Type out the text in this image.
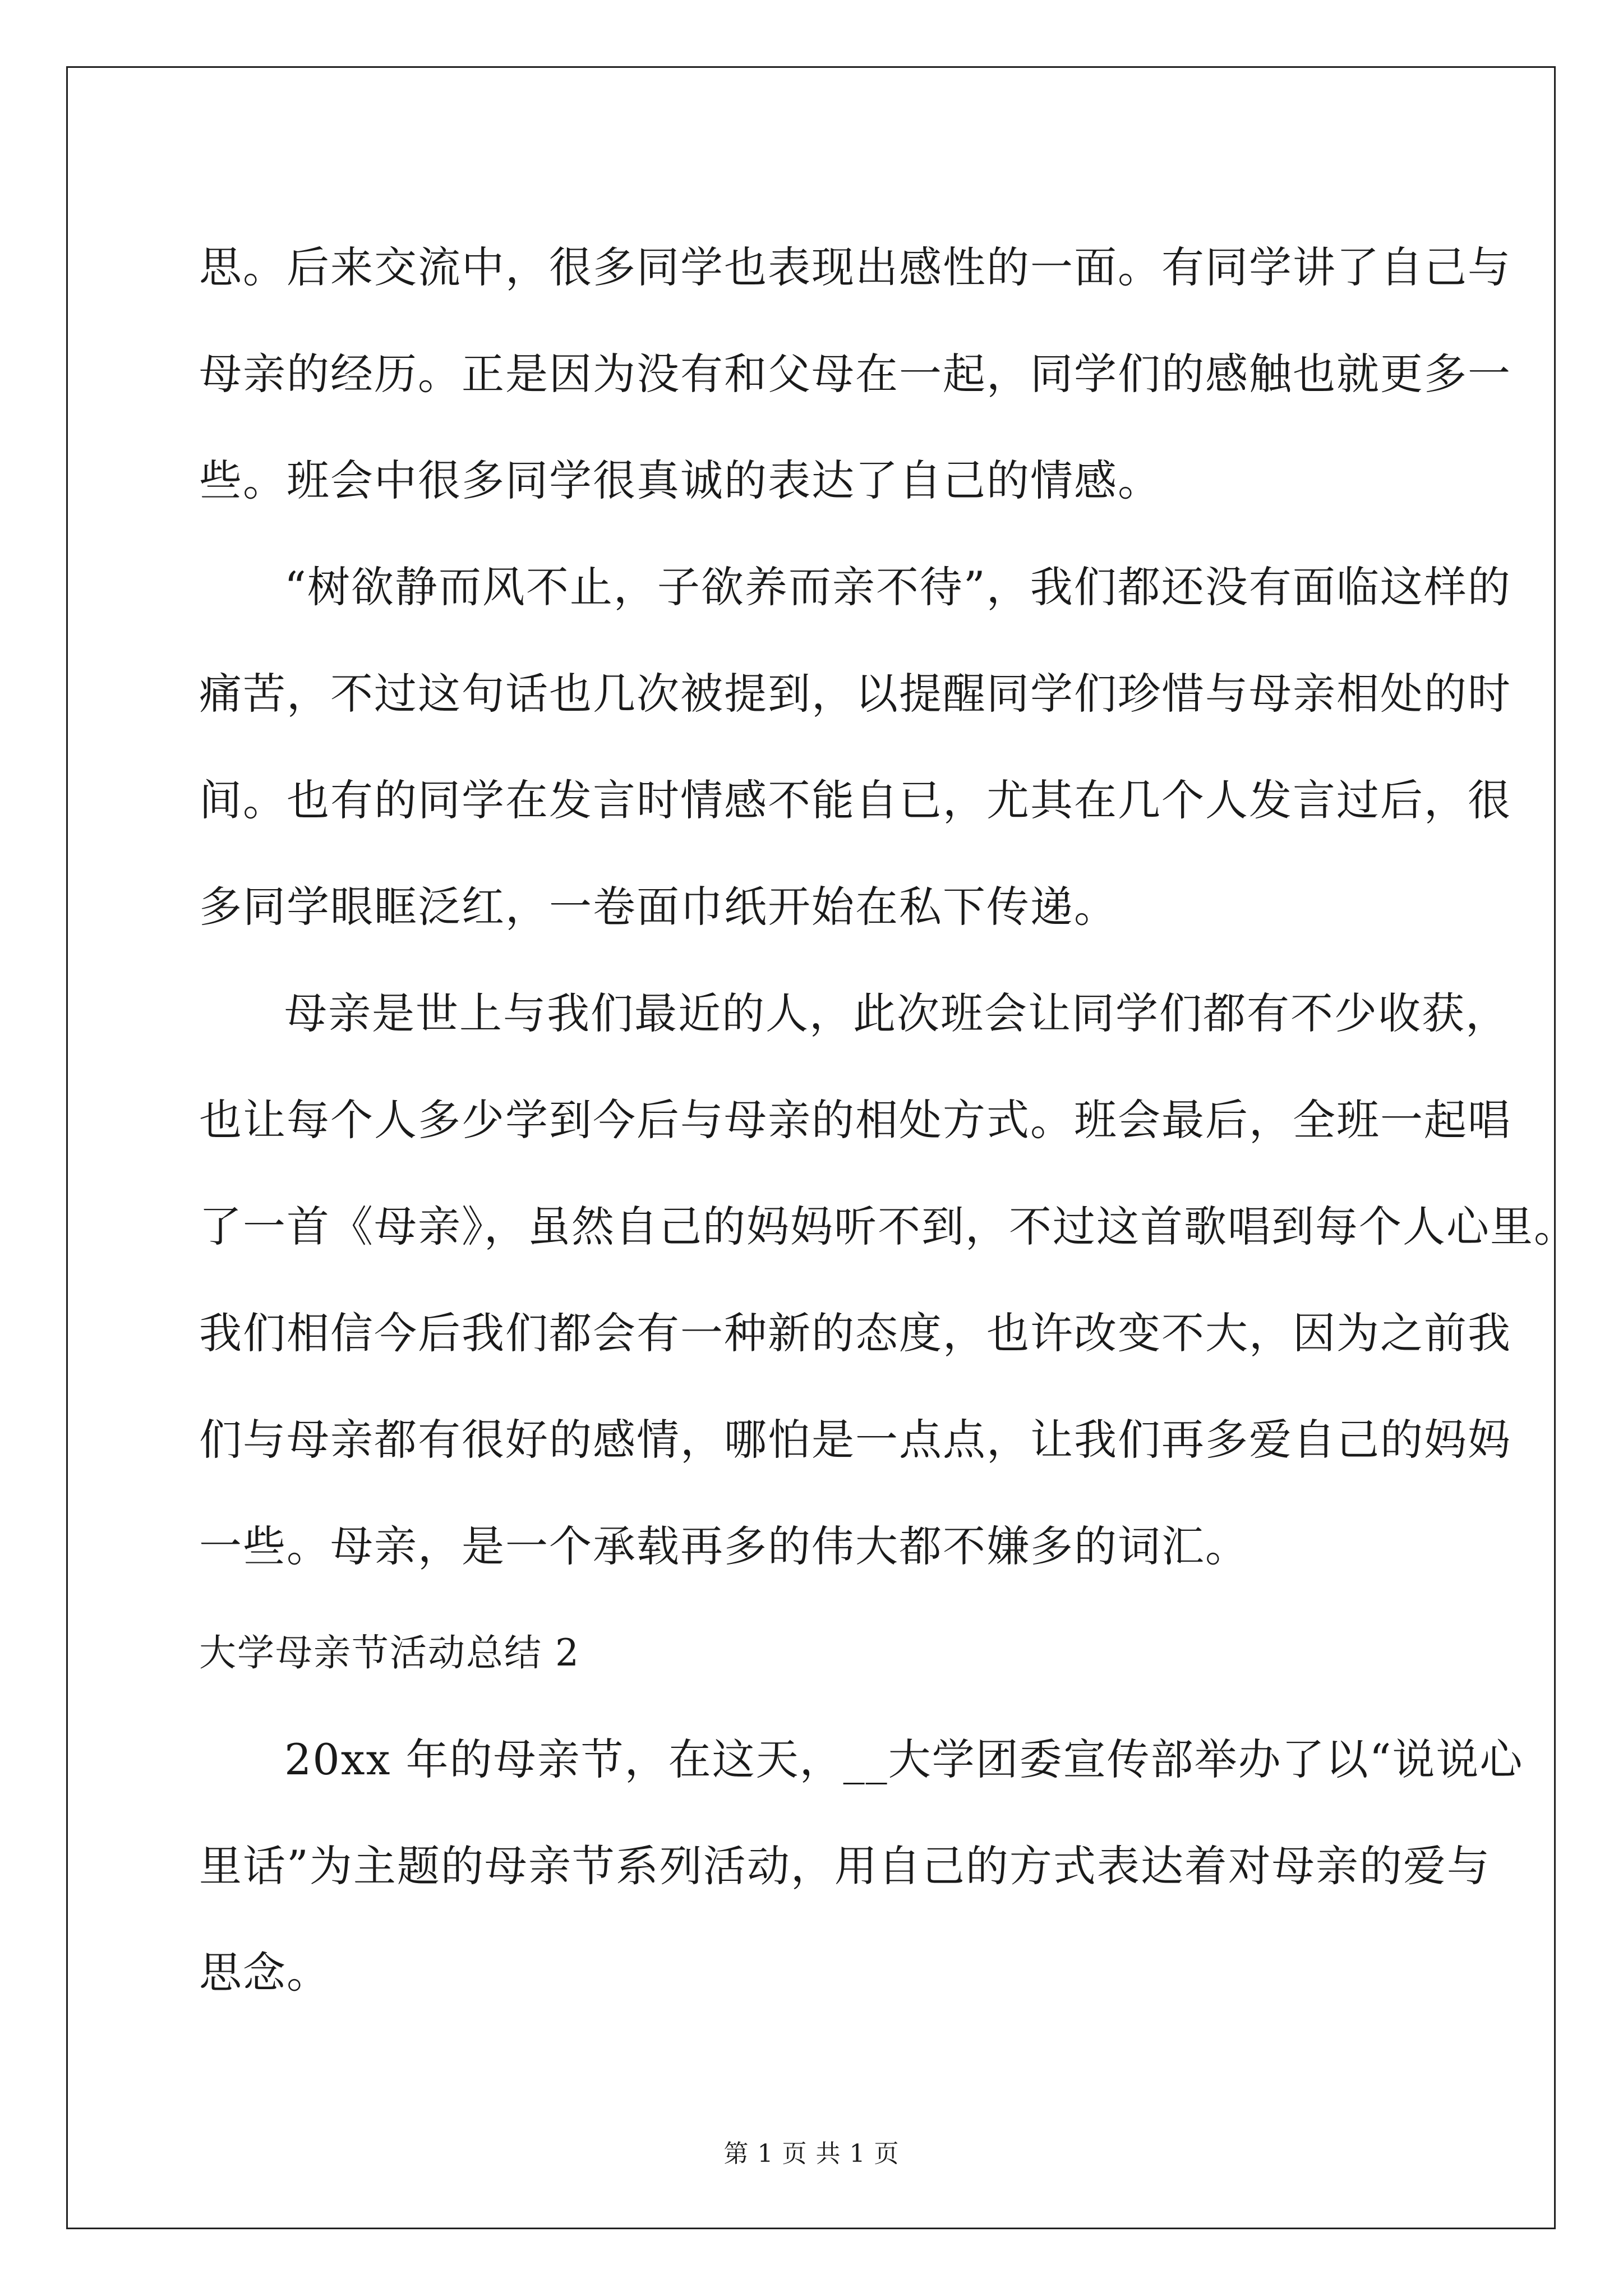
思。后来交流中，很多同学也表现出感性的一面。有同学讲了自己与
母亲的经历。正是因为没有和父母在一起，同学们的感触也就更多一
些。班会中很多同学很真诚的表达了自己的情感。
“树欲静而风不止，子欲养而亲不待”，我们都还没有面临这样的
痛苦，不过这句话也几次被提到，以提醒同学们珍惜与母亲相处的时
间。也有的同学在发言时情感不能自已，尤其在几个人发言过后，很
多同学眼眶泛红，一卷面巾纸开始在私下传递。
母亲是世上与我们最近的人，此次班会让同学们都有不少收获，
也让每个人多少学到今后与母亲的相处方式。班会最后，全班一起唱
了一首《母亲》，虽然自己的妈妈听不到，不过这首歌唱到每个人心里。
我们相信今后我们都会有一种新的态度，也许改变不大，因为之前我
们与母亲都有很好的感情，哪怕是一点点，让我们再多爱自己的妈妈
一些。母亲，是一个承载再多的伟大都不嫌多的词汇。
大学母亲节活动总结 2
20xx 年的母亲节，在这天，__大学团委宣传部举办了以“说说心
里话”为主题的母亲节系列活动，用自己的方式表达着对母亲的爱与
思念。
第 1 页 共 1 页
